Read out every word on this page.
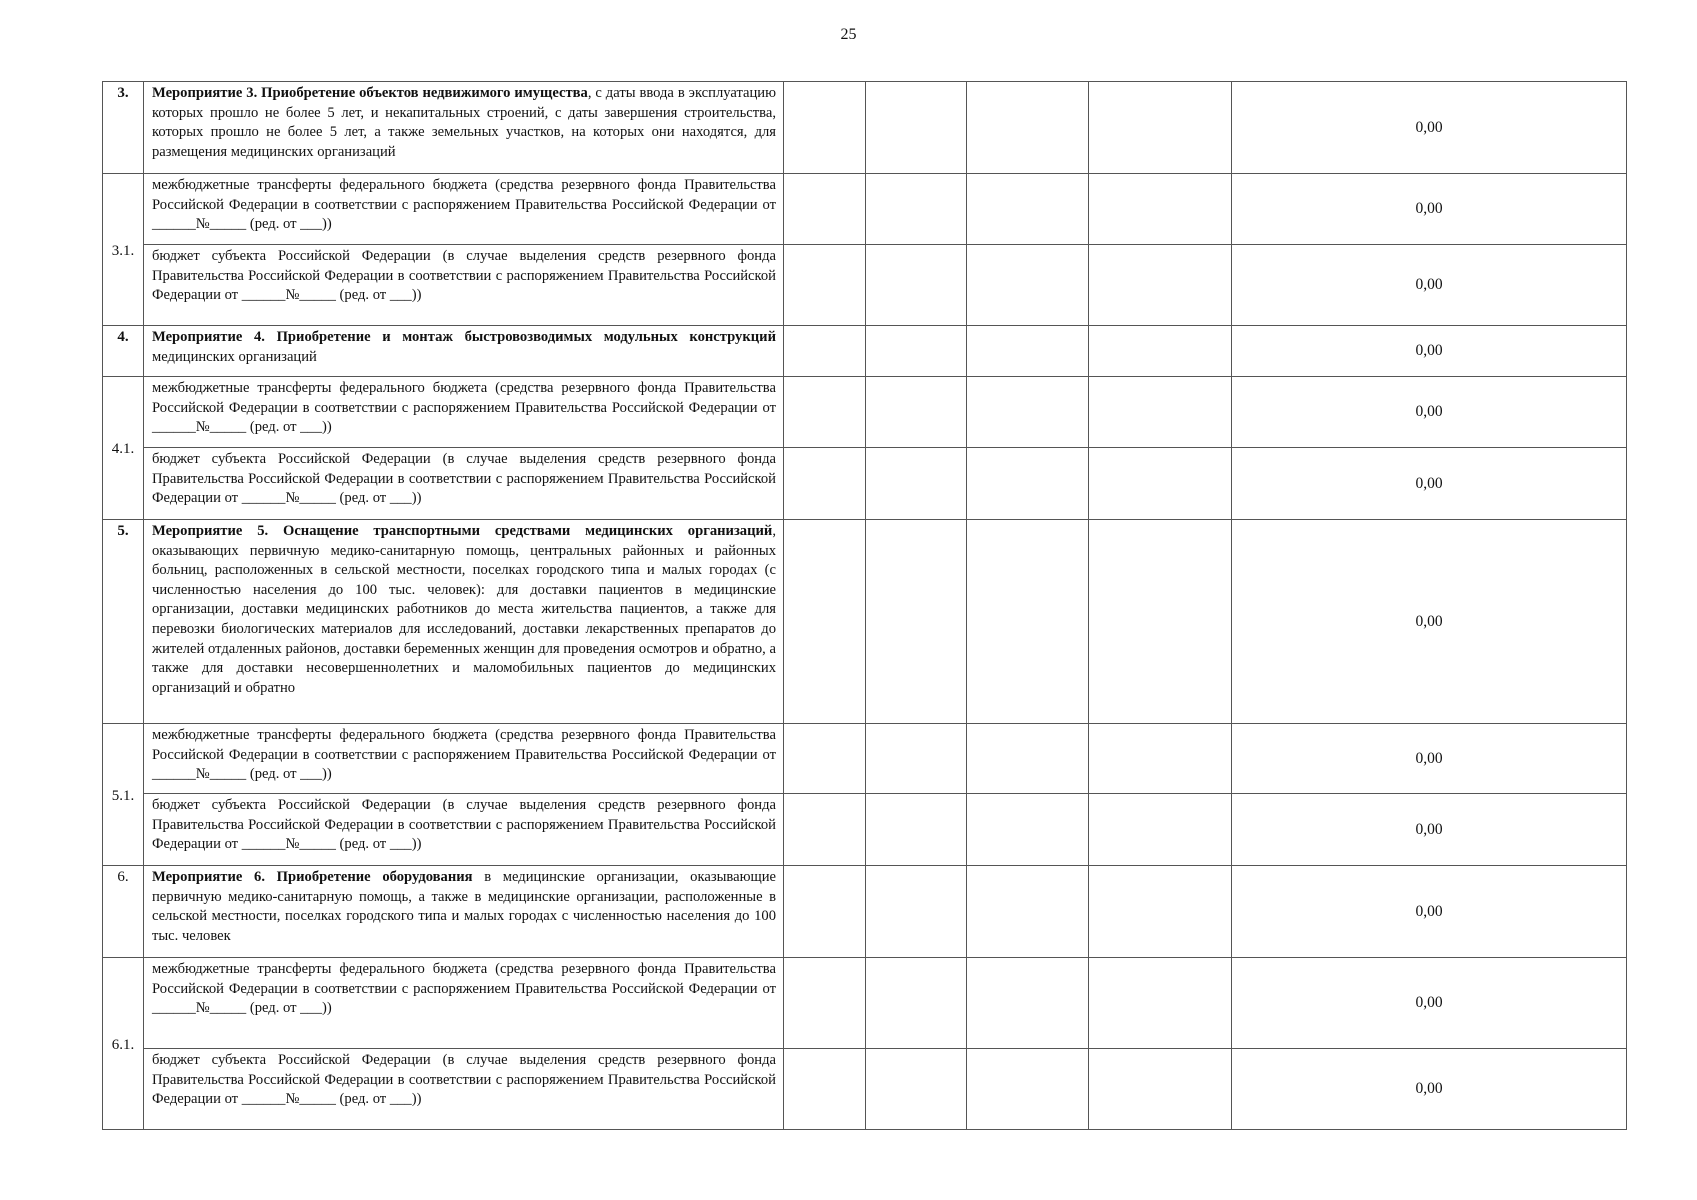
25
3.	Мероприятие 3. Приобретение объектов недвижимого имущества, с даты ввода в эксплуатацию которых прошло не более 5 лет, и некапитальных строений, с даты завершения строительства, которых прошло не более 5 лет, а также земельных участков, на которых они находятся, для размещения медицинских организаций					0,00
3.1.	межбюджетные трансферты федерального бюджета (средства резервного фонда Правительства Российской Федерации в соответствии с распоряжением Правительства Российской Федерации от ______№_____ (ред. от ___))					0,00
	бюджет субъекта Российской Федерации (в случае выделения средств резервного фонда Правительства Российской Федерации в соответствии с распоряжением Правительства Российской Федерации от ______№_____ (ред. от ___))					0,00
4.	Мероприятие 4. Приобретение и монтаж быстровозводимых модульных конструкций медицинских организаций					0,00
4.1.	межбюджетные трансферты федерального бюджета (средства резервного фонда Правительства Российской Федерации в соответствии с распоряжением Правительства Российской Федерации от ______№_____ (ред. от ___))					0,00
	бюджет субъекта Российской Федерации (в случае выделения средств резервного фонда Правительства Российской Федерации в соответствии с распоряжением Правительства Российской Федерации от ______№_____ (ред. от ___))					0,00
5.	Мероприятие 5. Оснащение транспортными средствами медицинских организаций, оказывающих первичную медико-санитарную помощь, центральных районных и районных больниц, расположенных в сельской местности, поселках городского типа и малых городах (с численностью населения до 100 тыс. человек): для доставки пациентов в медицинские организации, доставки медицинских работников до места жительства пациентов, а также для перевозки биологических материалов для исследований, доставки лекарственных препаратов до жителей отдаленных районов, доставки беременных женщин для проведения осмотров и обратно, а также для доставки несовершеннолетних и маломобильных пациентов до медицинских организаций и обратно					0,00
5.1.	межбюджетные трансферты федерального бюджета (средства резервного фонда Правительства Российской Федерации в соответствии с распоряжением Правительства Российской Федерации от ______№_____ (ред. от ___))					0,00
	бюджет субъекта Российской Федерации (в случае выделения средств резервного фонда Правительства Российской Федерации в соответствии с распоряжением Правительства Российской Федерации от ______№_____ (ред. от ___))					0,00
6.	Мероприятие 6. Приобретение оборудования в медицинские организации, оказывающие первичную медико-санитарную помощь, а также в медицинские организации, расположенные в сельской местности, поселках городского типа и малых городах с численностью населения до 100 тыс. человек					0,00
6.1.	межбюджетные трансферты федерального бюджета (средства резервного фонда Правительства Российской Федерации в соответствии с распоряжением Правительства Российской Федерации от ______№_____ (ред. от ___))					0,00
	бюджет субъекта Российской Федерации (в случае выделения средств резервного фонда Правительства Российской Федерации в соответствии с распоряжением Правительства Российской Федерации от ______№_____ (ред. от ___))					0,00
